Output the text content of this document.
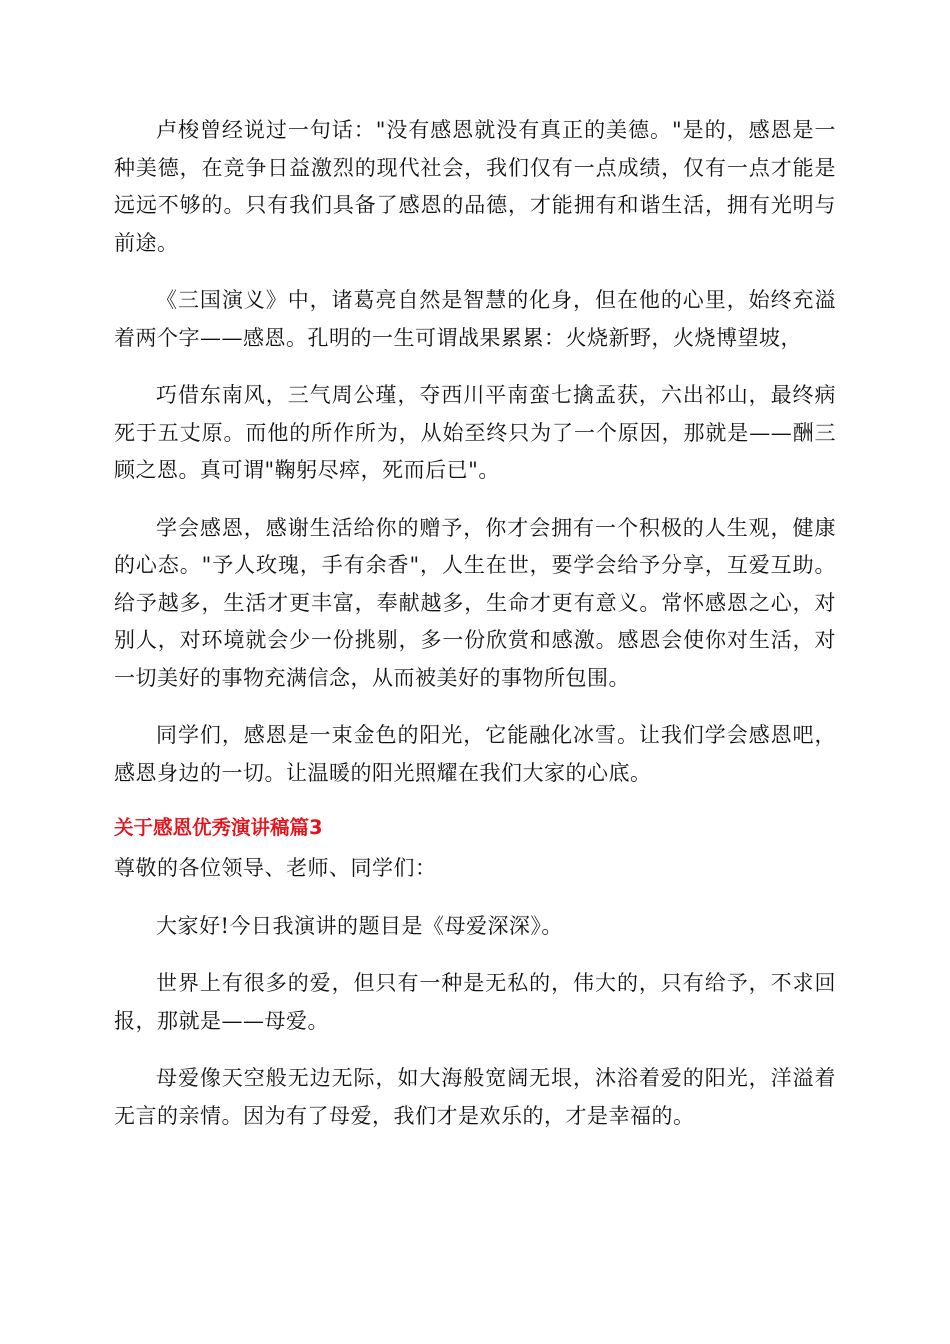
卢梭曾经说过一句话："没有感恩就没有真正的美德。"是的，感恩是一种美德，在竞争日益激烈的现代社会，我们仅有一点成绩，仅有一点才能是远远不够的。只有我们具备了感恩的品德，才能拥有和谐生活，拥有光明与前途。

《三国演义》中，诸葛亮自然是智慧的化身，但在他的心里，始终充溢着两个字——感恩。孔明的一生可谓战果累累：火烧新野，火烧博望坡，

巧借东南风，三气周公瑾，夺西川平南蛮七擒孟获，六出祁山，最终病死于五丈原。而他的所作所为，从始至终只为了一个原因，那就是——酬三顾之恩。真可谓"鞠躬尽瘁，死而后已"。

学会感恩，感谢生活给你的赠予，你才会拥有一个积极的人生观，健康的心态。"予人玫瑰，手有余香"，人生在世，要学会给予分享，互爱互助。给予越多，生活才更丰富，奉献越多，生命才更有意义。常怀感恩之心，对别人，对环境就会少一份挑剔，多一份欣赏和感激。感恩会使你对生活，对一切美好的事物充满信念，从而被美好的事物所包围。

同学们，感恩是一束金色的阳光，它能融化冰雪。让我们学会感恩吧，感恩身边的一切。让温暖的阳光照耀在我们大家的心底。

关于感恩优秀演讲稿篇3

尊敬的各位领导、老师、同学们：

大家好!今日我演讲的题目是《母爱深深》。

世界上有很多的爱，但只有一种是无私的，伟大的，只有给予，不求回报，那就是——母爱。

母爱像天空般无边无际，如大海般宽阔无垠，沐浴着爱的阳光，洋溢着无言的亲情。因为有了母爱，我们才是欢乐的，才是幸福的。
